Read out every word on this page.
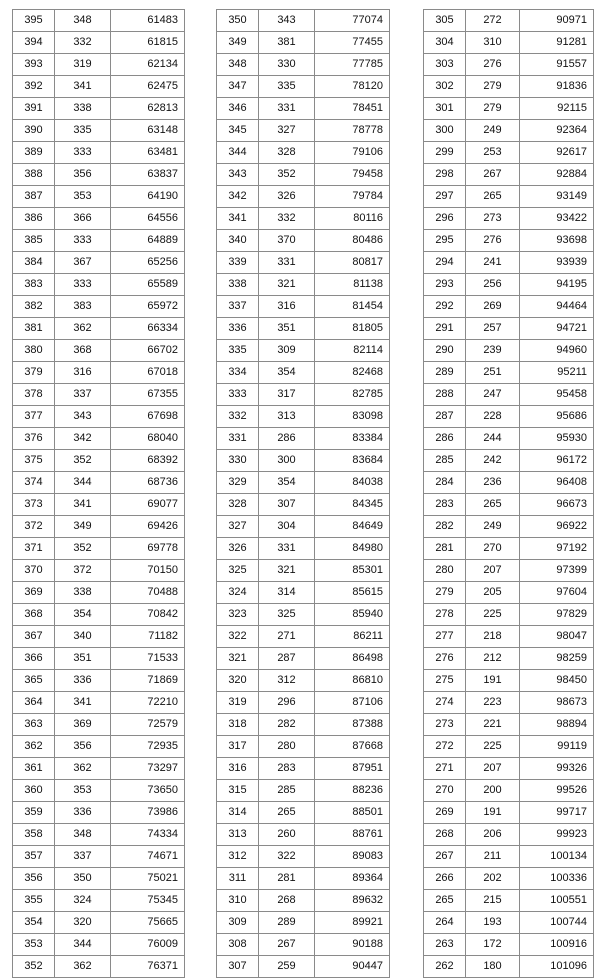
395	348	61483
394	332	61815
393	319	62134
392	341	62475
391	338	62813
390	335	63148
389	333	63481
388	356	63837
387	353	64190
386	366	64556
385	333	64889
384	367	65256
383	333	65589
382	383	65972
381	362	66334
380	368	66702
379	316	67018
378	337	67355
377	343	67698
376	342	68040
375	352	68392
374	344	68736
373	341	69077
372	349	69426
371	352	69778
370	372	70150
369	338	70488
368	354	70842
367	340	71182
366	351	71533
365	336	71869
364	341	72210
363	369	72579
362	356	72935
361	362	73297
360	353	73650
359	336	73986
358	348	74334
357	337	74671
356	350	75021
355	324	75345
354	320	75665
353	344	76009
352	362	76371
350	343	77074
349	381	77455
348	330	77785
347	335	78120
346	331	78451
345	327	78778
344	328	79106
343	352	79458
342	326	79784
341	332	80116
340	370	80486
339	331	80817
338	321	81138
337	316	81454
336	351	81805
335	309	82114
334	354	82468
333	317	82785
332	313	83098
331	286	83384
330	300	83684
329	354	84038
328	307	84345
327	304	84649
326	331	84980
325	321	85301
324	314	85615
323	325	85940
322	271	86211
321	287	86498
320	312	86810
319	296	87106
318	282	87388
317	280	87668
316	283	87951
315	285	88236
314	265	88501
313	260	88761
312	322	89083
311	281	89364
310	268	89632
309	289	89921
308	267	90188
307	259	90447
305	272	90971
304	310	91281
303	276	91557
302	279	91836
301	279	92115
300	249	92364
299	253	92617
298	267	92884
297	265	93149
296	273	93422
295	276	93698
294	241	93939
293	256	94195
292	269	94464
291	257	94721
290	239	94960
289	251	95211
288	247	95458
287	228	95686
286	244	95930
285	242	96172
284	236	96408
283	265	96673
282	249	96922
281	270	97192
280	207	97399
279	205	97604
278	225	97829
277	218	98047
276	212	98259
275	191	98450
274	223	98673
273	221	98894
272	225	99119
271	207	99326
270	200	99526
269	191	99717
268	206	99923
267	211	100134
266	202	100336
265	215	100551
264	193	100744
263	172	100916
262	180	101096
